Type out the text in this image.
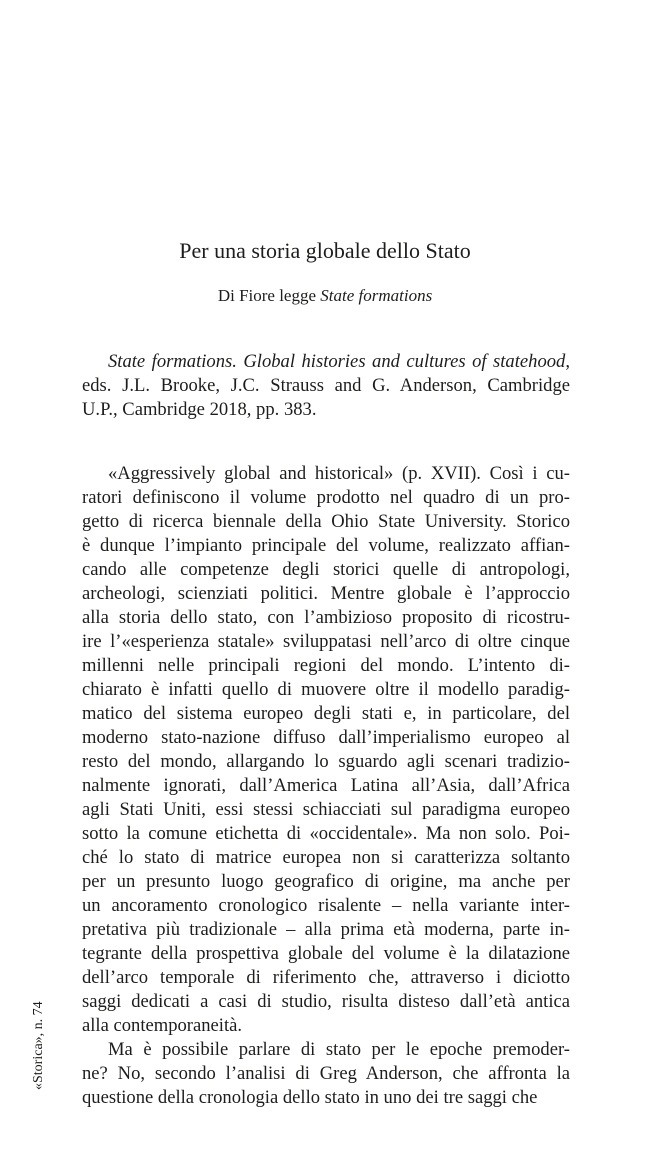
Per una storia globale dello Stato
Di Fiore legge State formations
State formations. Global histories and cultures of statehood,
eds. J.L. Brooke, J.C. Strauss and G. Anderson, Cambridge
U.P., Cambridge 2018, pp. 383.
«Aggressively global and historical» (p. XVII). Così i cu-
ratori definiscono il volume prodotto nel quadro di un pro-
getto di ricerca biennale della Ohio State University. Storico
è dunque l’impianto principale del volume, realizzato affian-
cando alle competenze degli storici quelle di antropologi,
archeologi, scienziati politici. Mentre globale è l’approccio
alla storia dello stato, con l’ambizioso proposito di ricostru-
ire l’«esperienza statale» sviluppatasi nell’arco di oltre cinque
millenni nelle principali regioni del mondo. L’intento di-
chiarato è infatti quello di muovere oltre il modello paradig-
matico del sistema europeo degli stati e, in particolare, del
moderno stato-nazione diffuso dall’imperialismo europeo al
resto del mondo, allargando lo sguardo agli scenari tradizio-
nalmente ignorati, dall’America Latina all’Asia, dall’Africa
agli Stati Uniti, essi stessi schiacciati sul paradigma europeo
sotto la comune etichetta di «occidentale». Ma non solo. Poi-
ché lo stato di matrice europea non si caratterizza soltanto
per un presunto luogo geografico di origine, ma anche per
un ancoramento cronologico risalente – nella variante inter-
pretativa più tradizionale – alla prima età moderna, parte in-
tegrante della prospettiva globale del volume è la dilatazione
dell’arco temporale di riferimento che, attraverso i diciotto
saggi dedicati a casi di studio, risulta disteso dall’età antica
alla contemporaneità.
Ma è possibile parlare di stato per le epoche premoder-
ne? No, secondo l’analisi di Greg Anderson, che affronta la
questione della cronologia dello stato in uno dei tre saggi che
«Storica», n. 74
